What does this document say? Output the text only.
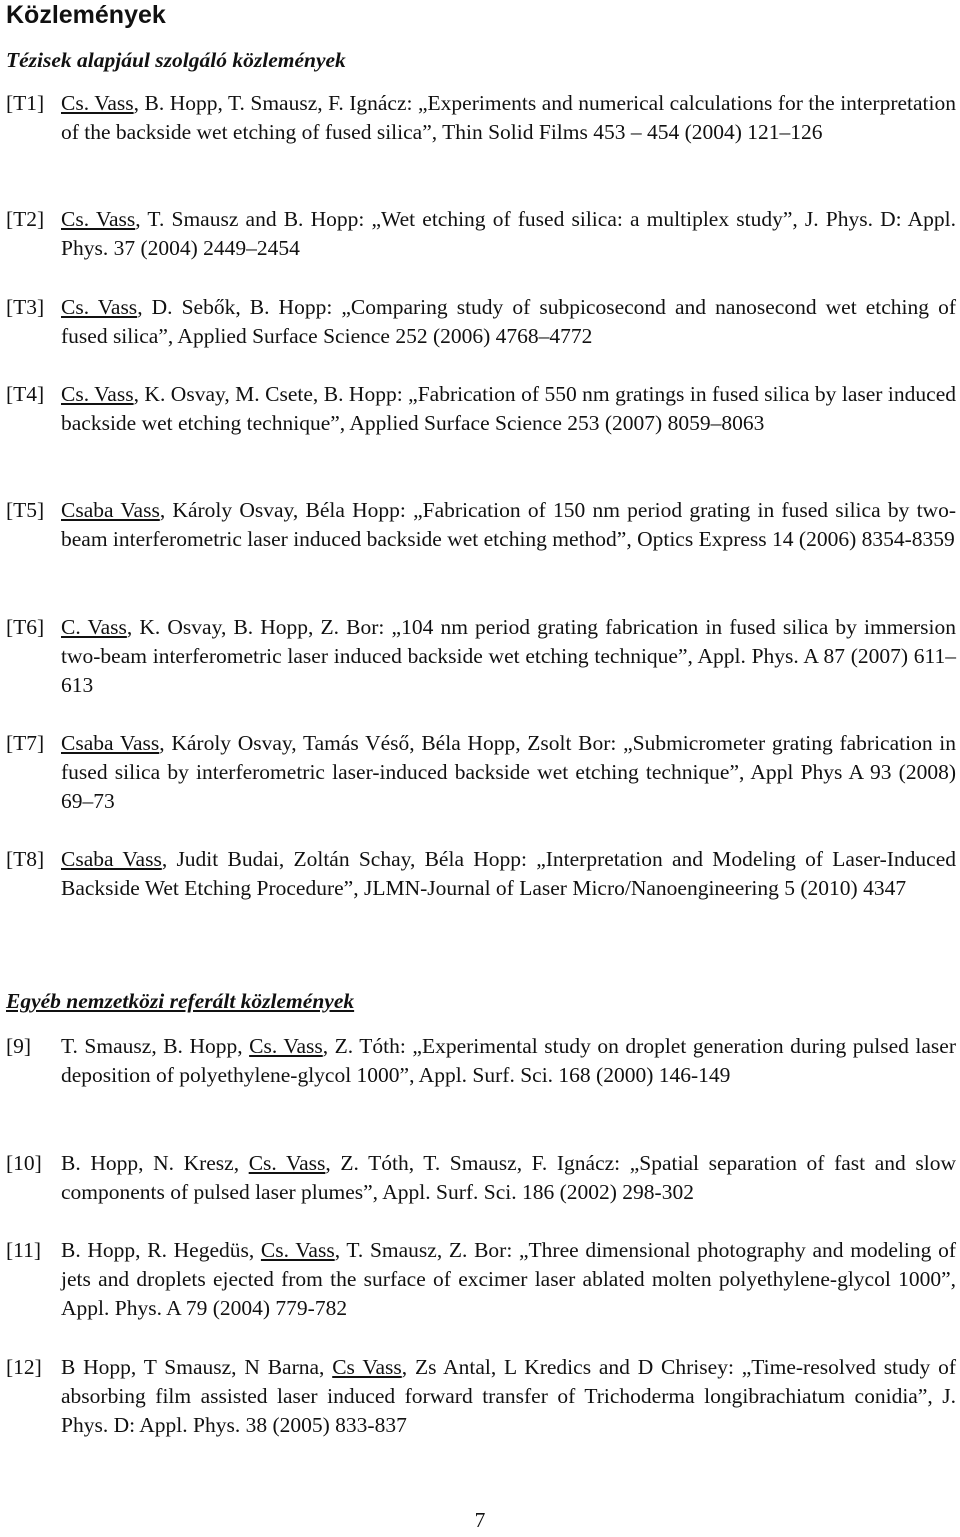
Közlemények
Tézisek alapjául szolgáló közlemények
[T1] Cs. Vass, B. Hopp, T. Smausz, F. Ignácz: „Experiments and numerical calculations for the interpretation of the backside wet etching of fused silica”, Thin Solid Films 453 – 454 (2004) 121–126
[T2] Cs. Vass, T. Smausz and B. Hopp: „Wet etching of fused silica: a multiplex study”, J. Phys. D: Appl. Phys. 37 (2004) 2449–2454
[T3] Cs. Vass, D. Sebők, B. Hopp: „Comparing study of subpicosecond and nanosecond wet etching of fused silica”, Applied Surface Science 252 (2006) 4768–4772
[T4] Cs. Vass, K. Osvay, M. Csete, B. Hopp: „Fabrication of 550 nm gratings in fused silica by laser induced backside wet etching technique”, Applied Surface Science 253 (2007) 8059–8063
[T5] Csaba Vass, Károly Osvay, Béla Hopp: „Fabrication of 150 nm period grating in fused silica by two-beam interferometric laser induced backside wet etching method”, Optics Express 14 (2006) 8354-8359
[T6] C. Vass, K. Osvay, B. Hopp, Z. Bor: „104 nm period grating fabrication in fused silica by immersion two-beam interferometric laser induced backside wet etching technique”, Appl. Phys. A 87 (2007) 611–613
[T7] Csaba Vass, Károly Osvay, Tamás Véső, Béla Hopp, Zsolt Bor: „Submicrometer grating fabrication in fused silica by interferometric laser-induced backside wet etching technique”, Appl Phys A 93 (2008) 69–73
[T8] Csaba Vass, Judit Budai, Zoltán Schay, Béla Hopp: „Interpretation and Modeling of Laser-Induced Backside Wet Etching Procedure”, JLMN-Journal of Laser Micro/Nanoengineering 5 (2010) 4347
Egyéb nemzetközi referált közlemények
[9]	T. Smausz, B. Hopp, Cs. Vass, Z. Tóth: „Experimental study on droplet generation during pulsed laser deposition of polyethylene-glycol 1000”, Appl. Surf. Sci. 168 (2000) 146-149
[10] B. Hopp, N. Kresz, Cs. Vass, Z. Tóth, T. Smausz, F. Ignácz: „Spatial separation of fast and slow components of pulsed laser plumes”, Appl. Surf. Sci. 186 (2002) 298-302
[11] B. Hopp, R. Hegedüs, Cs. Vass, T. Smausz, Z. Bor: „Three dimensional photography and modeling of jets and droplets ejected from the surface of excimer laser ablated molten polyethylene-glycol 1000”, Appl. Phys. A 79 (2004) 779-782
[12] B Hopp, T Smausz, N Barna, Cs Vass, Zs Antal, L Kredics and D Chrisey: „Time-resolved study of absorbing film assisted laser induced forward transfer of Trichoderma longibrachiatum conidia”, J. Phys. D: Appl. Phys. 38 (2005) 833-837
7
